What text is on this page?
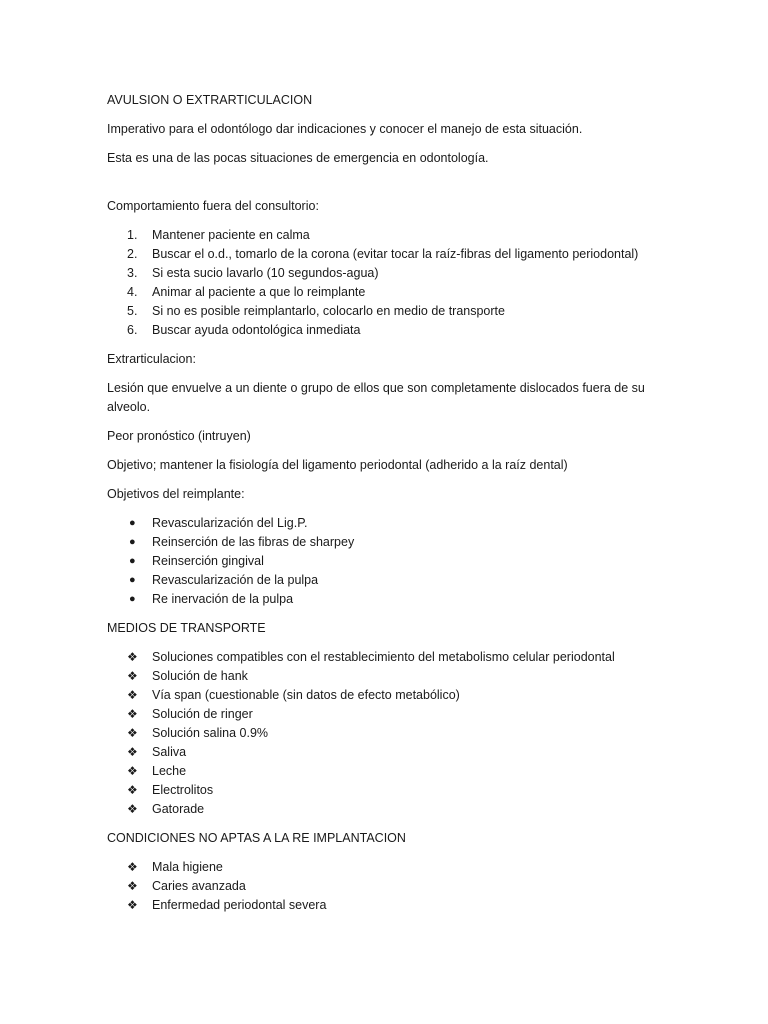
AVULSION O EXTRARTICULACION

Imperativo para el odontólogo dar indicaciones y conocer el manejo de esta situación.

Esta es una de las pocas situaciones de emergencia en odontología.

Comportamiento fuera del consultorio:

1.	Mantener paciente en calma
2.	Buscar el o.d., tomarlo de la corona (evitar tocar la raíz-fibras del ligamento periodontal)
3.	Si esta sucio lavarlo (10 segundos-agua)
4.	Animar al paciente a que lo reimplante
5.	Si no es posible reimplantarlo, colocarlo en medio de transporte
6.	Buscar ayuda odontológica inmediata

Extrarticulacion:

Lesión que envuelve a un diente o grupo de ellos que son completamente dislocados fuera de su alveolo.

Peor pronóstico (intruyen)

Objetivo; mantener la fisiología del ligamento periodontal (adherido a la raíz dental)

Objetivos del reimplante:

●	Revascularización del Lig.P.
●	Reinserción de las fibras de sharpey
●	Reinserción gingival
●	Revascularización de la pulpa
●	Re inervación de la pulpa

MEDIOS DE TRANSPORTE

❖	Soluciones compatibles con el restablecimiento del metabolismo celular periodontal
❖	Solución de hank
❖	Vía span (cuestionable (sin datos de efecto metabólico)
❖	Solución de ringer
❖	Solución salina 0.9%
❖	Saliva
❖	Leche
❖	Electrolitos
❖	Gatorade

CONDICIONES NO APTAS A LA RE IMPLANTACION

❖	Mala higiene
❖	Caries avanzada
❖	Enfermedad periodontal severa
